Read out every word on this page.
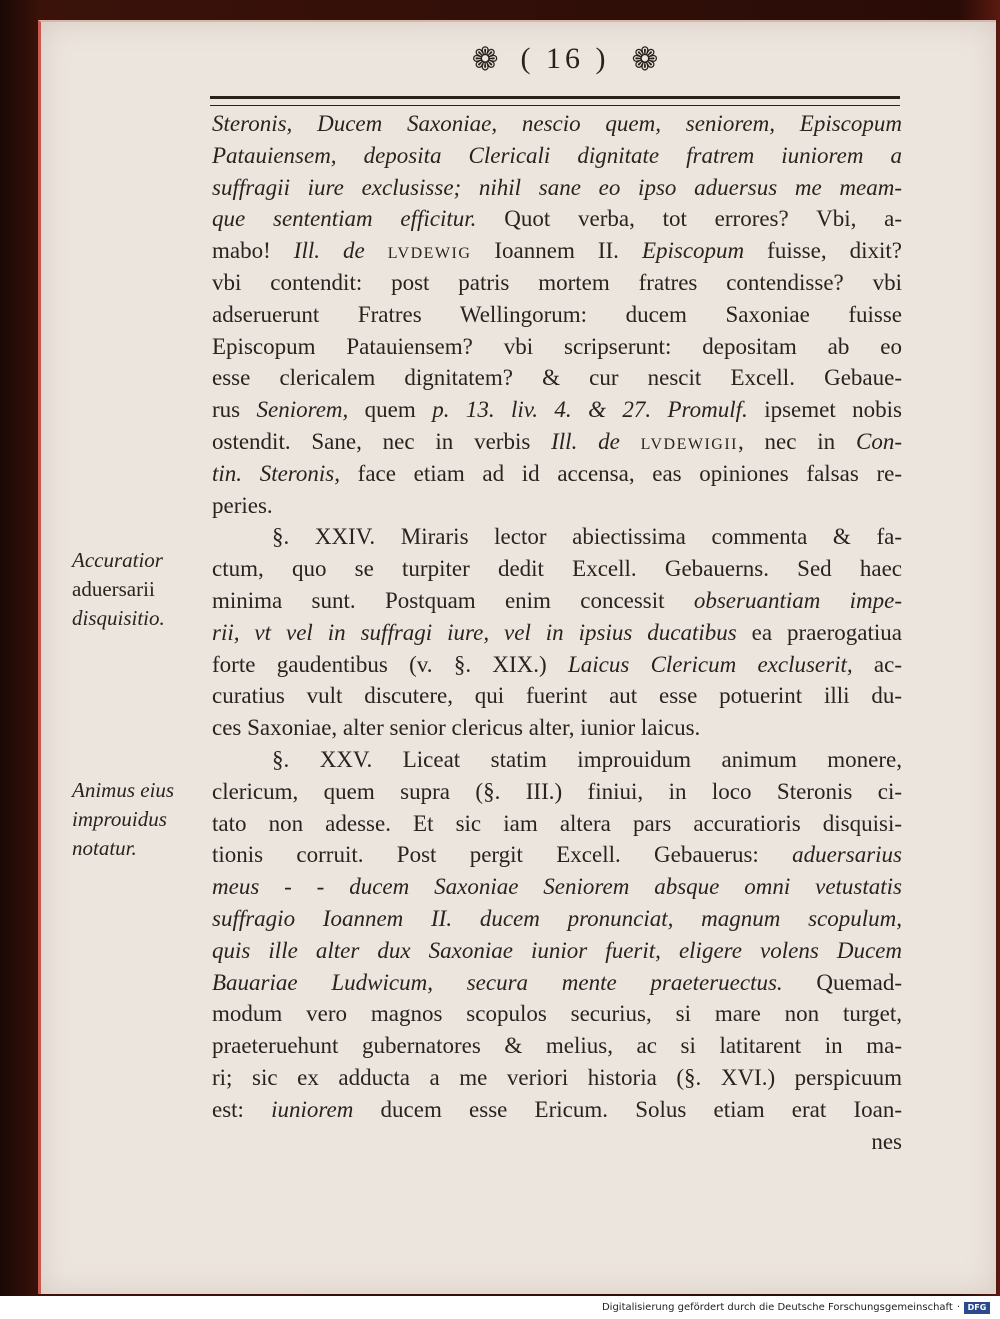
❁ ( 16 ) ❁
Steronis, Ducem Saxoniae, nescio quem, seniorem, Episcopum
Patauiensem, deposita Clericali dignitate fratrem iuniorem a
suffragii iure exclusisse; nihil sane eo ipso aduersus me meam-
que sententiam efficitur. Quot verba, tot errores? Vbi, a-
mabo! Ill. de lvdewig Ioannem II. Episcopum fuisse, dixit?
vbi contendit: post patris mortem fratres contendisse? vbi
adseruerunt Fratres Wellingorum: ducem Saxoniae fuisse
Episcopum Patauiensem? vbi scripserunt: depositam ab eo
esse clericalem dignitatem? & cur nescit Excell. Gebaue-
rus Seniorem, quem p. 13. liv. 4. & 27. Promulf. ipsemet nobis
ostendit. Sane, nec in verbis Ill. de lvdewigii, nec in Con-
tin. Steronis, face etiam ad id accensa, eas opiniones falsas re-
peries.
§. XXIV. Miraris lector abiectissima commenta & fa-
ctum, quo se turpiter dedit Excell. Gebauerns. Sed haec
minima sunt. Postquam enim concessit obseruantiam impe-
rii, vt vel in suffragi iure, vel in ipsius ducatibus ea praerogatiua
forte gaudentibus (v. §. XIX.) Laicus Clericum excluserit, ac-
curatius vult discutere, qui fuerint aut esse potuerint illi du-
ces Saxoniae, alter senior clericus alter, iunior laicus.
§. XXV. Liceat statim improuidum animum monere,
clericum, quem supra (§. III.) finiui, in loco Steronis ci-
tato non adesse. Et sic iam altera pars accuratioris disquisi-
tionis corruit. Post pergit Excell. Gebauerus: aduersarius
meus - - ducem Saxoniae Seniorem absque omni vetustatis
suffragio Ioannem II. ducem pronunciat, magnum scopulum,
quis ille alter dux Saxoniae iunior fuerit, eligere volens Ducem
Bauariae Ludwicum, secura mente praeteruectus. Quemad-
modum vero magnos scopulos securius, si mare non turget,
praeteruehunt gubernatores & melius, ac si latitarent in ma-
ri; sic ex adducta a me veriori historia (§. XVI.) perspicuum
est: iuniorem ducem esse Ericum. Solus etiam erat Ioan-
nes
Accuratior
aduersarii
disquisitio.
Animus eius
improuidus
notatur.
Digitalisierung gefördert durch die Deutsche Forschungsgemeinschaft · DFG
